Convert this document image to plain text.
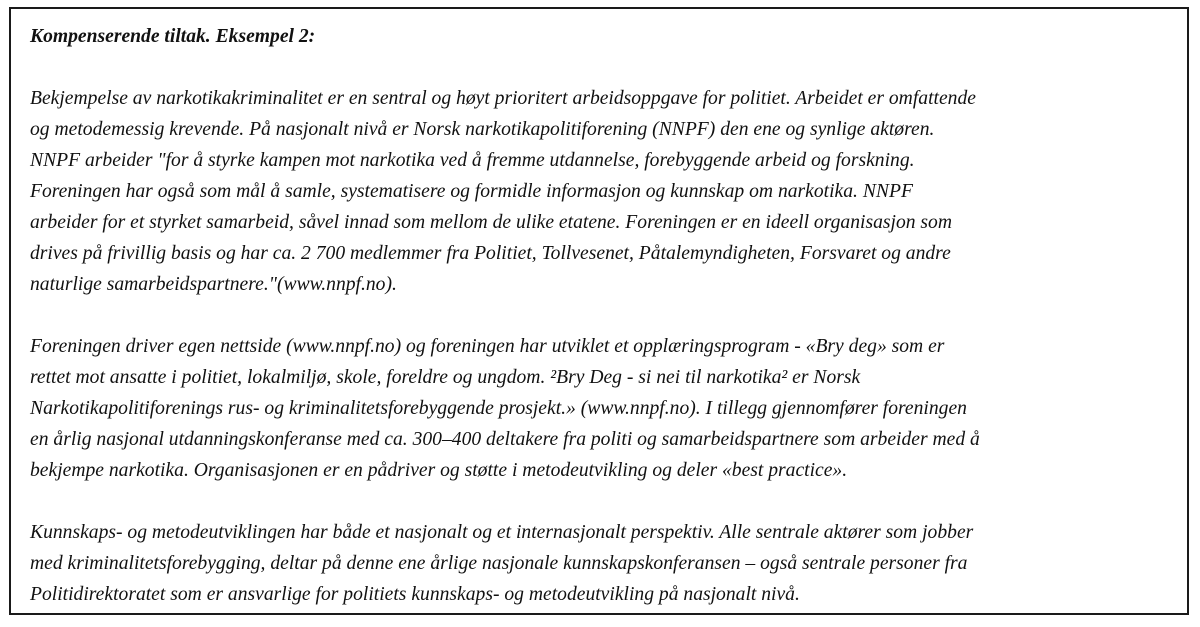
Kompenserende tiltak. Eksempel 2:

Bekjempelse av narkotikakriminalitet er en sentral og høyt prioritert arbeidsoppgave for politiet. Arbeidet er omfattende
og metodemessig krevende. På nasjonalt nivå er Norsk narkotikapolitiforening (NNPF) den ene og synlige aktøren.
NNPF arbeider "for å styrke kampen mot narkotika ved å fremme utdannelse, forebyggende arbeid og forskning.
Foreningen har også som mål å samle, systematisere og formidle informasjon og kunnskap om narkotika. NNPF
arbeider for et styrket samarbeid, såvel innad som mellom de ulike etatene. Foreningen er en ideell organisasjon som
drives på frivillig basis og har ca. 2 700 medlemmer fra Politiet, Tollvesenet, Påtalemyndigheten, Forsvaret og andre
naturlige samarbeidspartnere."(www.nnpf.no).

Foreningen driver egen nettside (www.nnpf.no) og foreningen har utviklet et opplæringsprogram - «Bry deg» som er
rettet mot ansatte i politiet, lokalmiljø, skole, foreldre og ungdom. ²Bry Deg - si nei til narkotika² er Norsk
Narkotikapolitiforenings rus- og kriminalitetsforebyggende prosjekt.» (www.nnpf.no). I tillegg gjennomfører foreningen
en årlig nasjonal utdanningskonferanse med ca. 300–400 deltakere fra politi og samarbeidspartnere som arbeider med å
bekjempe narkotika. Organisasjonen er en pådriver og støtte i metodeutvikling og deler «best practice».

Kunnskaps- og metodeutviklingen har både et nasjonalt og et internasjonalt perspektiv. Alle sentrale aktører som jobber
med kriminalitetsforebygging, deltar på denne ene årlige nasjonale kunnskapskonferansen – også sentrale personer fra
Politidirektoratet som er ansvarlige for politiets kunnskaps- og metodeutvikling på nasjonalt nivå.
